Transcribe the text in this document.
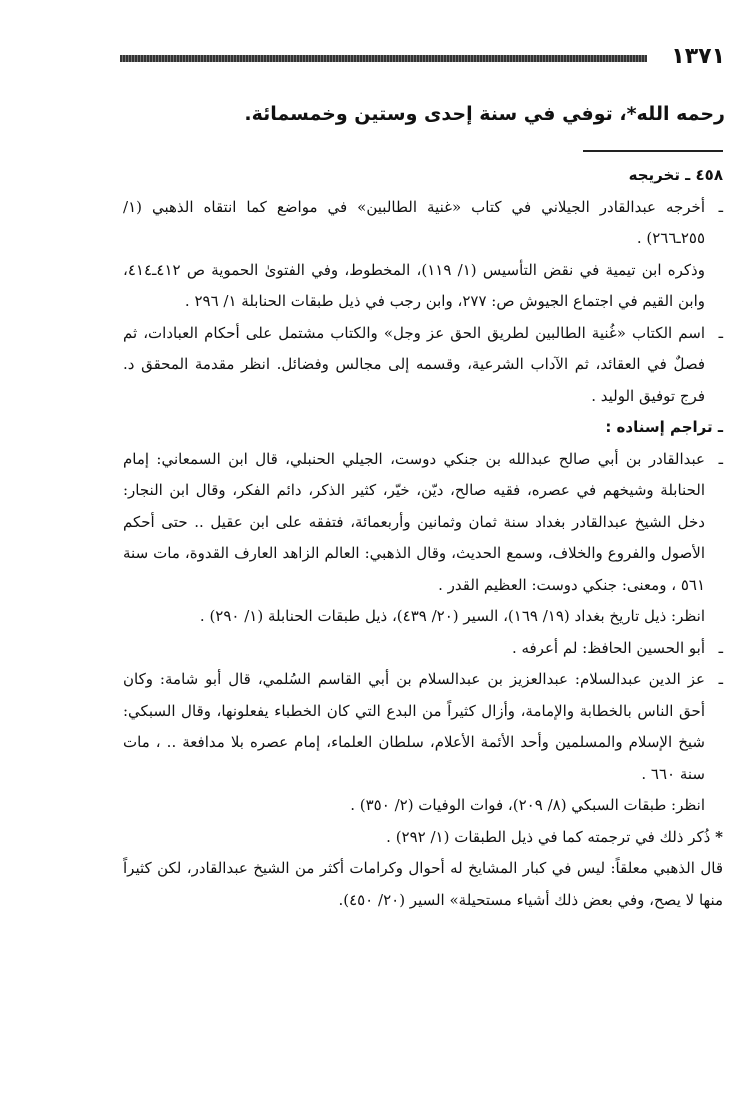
١٣٧١
رحمه الله*، توفي في سنة إحدى وستين وخمسمائة.

٤٥٨ ـ تخريجه

ـأخرجه عبدالقادر الجيلاني في كتاب «غنية الطالبين» في مواضع كما انتقاه الذهبي (١/ ٢٥٥ـ٢٦٦) .

وذكره ابن تيمية في نقض التأسيس (١/ ١١٩)، المخطوط، وفي الفتوىٰ الحموية ص ٤١٢ـ٤١٤، وابن القيم في اجتماع الجيوش ص: ٢٧٧، وابن رجب في ذيل طبقات الحنابلة ١/ ٢٩٦ .

ـاسم الكتاب «غُنية الطالبين لطريق الحق عز وجل» والكتاب مشتمل على أحكام العبادات، ثم فصلٌ في العقائد، ثم الآداب الشرعية، وقسمه إلى مجالس وفضائل. انظر مقدمة المحقق د. فرج توفيق الوليد .

ـ تراجم إسناده :

ـعبدالقادر بن أبي صالح عبدالله بن جنكي دوست، الجيلي الحنبلي، قال ابن السمعاني: إمام الحنابلة وشيخهم في عصره، فقيه صالح، ديّن، خيّر، كثير الذكر، دائم الفكر، وقال ابن النجار: دخل الشيخ عبدالقادر بغداد سنة ثمان وثمانين وأربعمائة، فتفقه على ابن عقيل .. حتى أحكم الأصول والفروع والخلاف، وسمع الحديث، وقال الذهبي: العالم الزاهد العارف القدوة، مات سنة ٥٦١ ، ومعنى: جنكي دوست: العظيم القدر .

انظر: ذيل تاريخ بغداد (١٩/ ١٦٩)، السير (٢٠/ ٤٣٩)، ذيل طبقات الحنابلة (١/ ٢٩٠) .

ـأبو الحسين الحافظ: لم أعرفه .

ـعز الدين عبدالسلام: عبدالعزيز بن عبدالسلام بن أبي القاسم السُلمي، قال أبو شامة: وكان أحق الناس بالخطابة والإمامة، وأزال كثيراً من البدع التي كان الخطباء يفعلونها، وقال السبكي: شيخ الإسلام والمسلمين وأحد الأئمة الأعلام، سلطان العلماء، إمام عصره بلا مدافعة .. ، مات سنة ٦٦٠ .

انظر: طبقات السبكي (٨/ ٢٠٩)، فوات الوفيات (٢/ ٣٥٠) .

* ذُكر ذلك في ترجمته كما في ذيل الطبقات (١/ ٢٩٢) .

قال الذهبي معلقاً: ليس في كبار المشايخ له أحوال وكرامات أكثر من الشيخ عبدالقادر، لكن كثيراً منها لا يصح، وفي بعض ذلك أشياء مستحيلة» السير (٢٠/ ٤٥٠).
